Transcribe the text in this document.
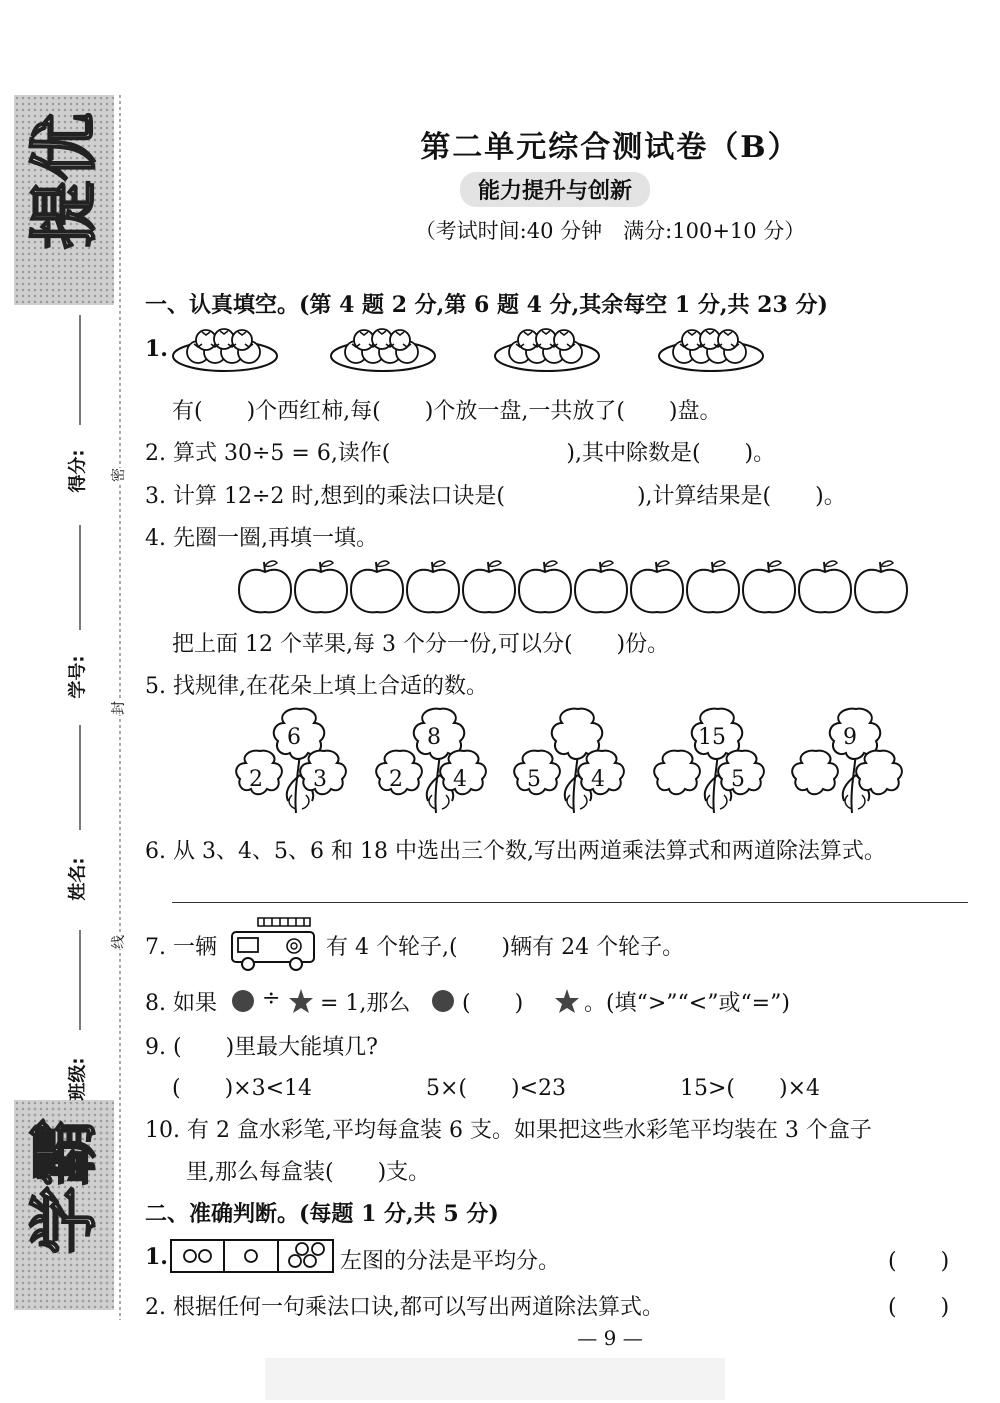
提优
学霸
得分:
学号:
姓名:
班级:
密
封
线
第二单元综合测试卷（B）
能力提升与创新
（考试时间:40 分钟　满分:100+10 分）
一、认真填空。(第 4 题 2 分,第 6 题 4 分,其余每空 1 分,共 23 分)
1.
有(　　)个西红柿,每(　　)个放一盘,一共放了(　　)盘。
2. 算式 30÷5 = 6,读作(　　　　　　　　),其中除数是(　　)。
3. 计算 12÷2 时,想到的乘法口诀是(　　　　　　),计算结果是(　　)。
4. 先圈一圈,再填一填。
把上面 12 个苹果,每 3 个分一份,可以分(　　)份。
5. 找规律,在花朵上填上合适的数。
6
2 3
8
2 4	5 4
15
5
9
6. 从 3、4、5、6 和 18 中选出三个数,写出两道乘法算式和两道除法算式。
7. 一辆	有 4 个轮子,(　　)辆有 24 个轮子。
8. 如果 ÷ = 1,那么 (　　)	。(填“>”“<”或“=”)
9. (　　)里最大能填几?
(　　)×3<14	5×(　　)<23	15>(　　)×4
10. 有 2 盒水彩笔,平均每盒装 6 支。如果把这些水彩笔平均装在 3 个盒子
里,那么每盒装(　　)支。
二、准确判断。(每题 1 分,共 5 分)
1.	左图的分法是平均分。	(　　)
2. 根据任何一句乘法口诀,都可以写出两道除法算式。	(　　)
— 9 —
